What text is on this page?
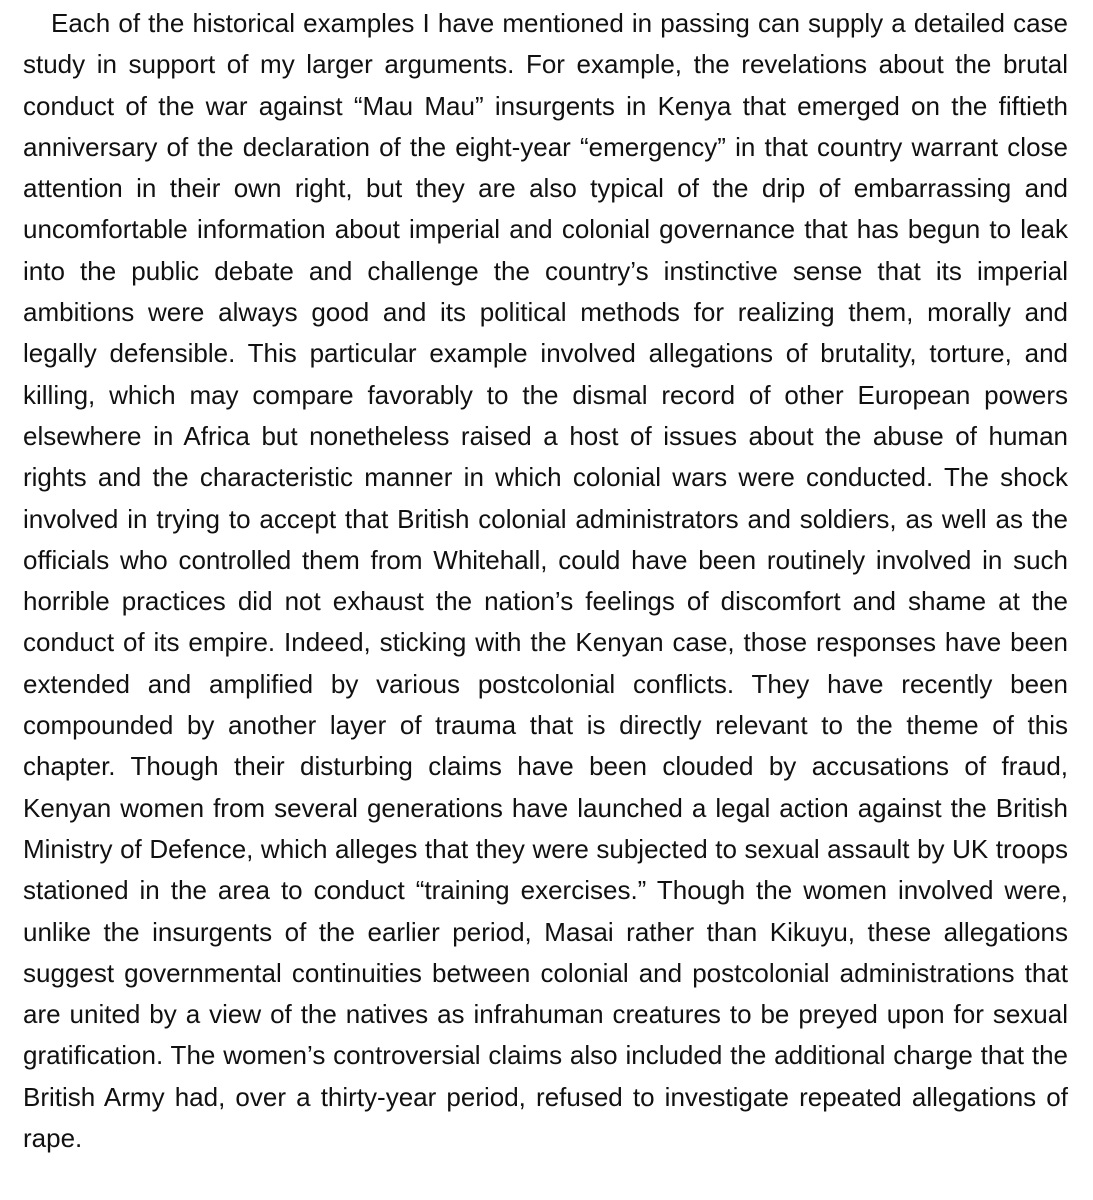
Each of the historical examples I have mentioned in passing can supply a detailed case study in support of my larger arguments. For example, the revelations about the brutal conduct of the war against “Mau Mau” insurgents in Kenya that emerged on the fiftieth anniversary of the declaration of the eight-year “emergency” in that country warrant close attention in their own right, but they are also typical of the drip of embarrassing and uncomfortable information about imperial and colonial governance that has begun to leak into the public debate and challenge the country’s instinctive sense that its imperial ambitions were always good and its political methods for realizing them, morally and legally defensible. This particular example involved allegations of brutality, torture, and killing, which may compare favorably to the dismal record of other European powers elsewhere in Africa but nonetheless raised a host of issues about the abuse of human rights and the characteristic manner in which colonial wars were conducted. The shock involved in trying to accept that British colonial administrators and soldiers, as well as the officials who controlled them from Whitehall, could have been routinely involved in such horrible practices did not exhaust the nation’s feelings of discomfort and shame at the conduct of its empire. Indeed, sticking with the Kenyan case, those responses have been extended and amplified by various postcolonial conflicts. They have recently been compounded by another layer of trauma that is directly relevant to the theme of this chapter. Though their disturbing claims have been clouded by accusations of fraud, Kenyan women from several generations have launched a legal action against the British Ministry of Defence, which alleges that they were subjected to sexual assault by UK troops stationed in the area to conduct “training exercises.” Though the women involved were, unlike the insurgents of the earlier period, Masai rather than Kikuyu, these allegations suggest governmental continuities between colonial and postcolonial administrations that are united by a view of the natives as infrahuman creatures to be preyed upon for sexual gratification. The women’s controversial claims also included the additional charge that the British Army had, over a thirty-year period, refused to investigate repeated allegations of rape.
